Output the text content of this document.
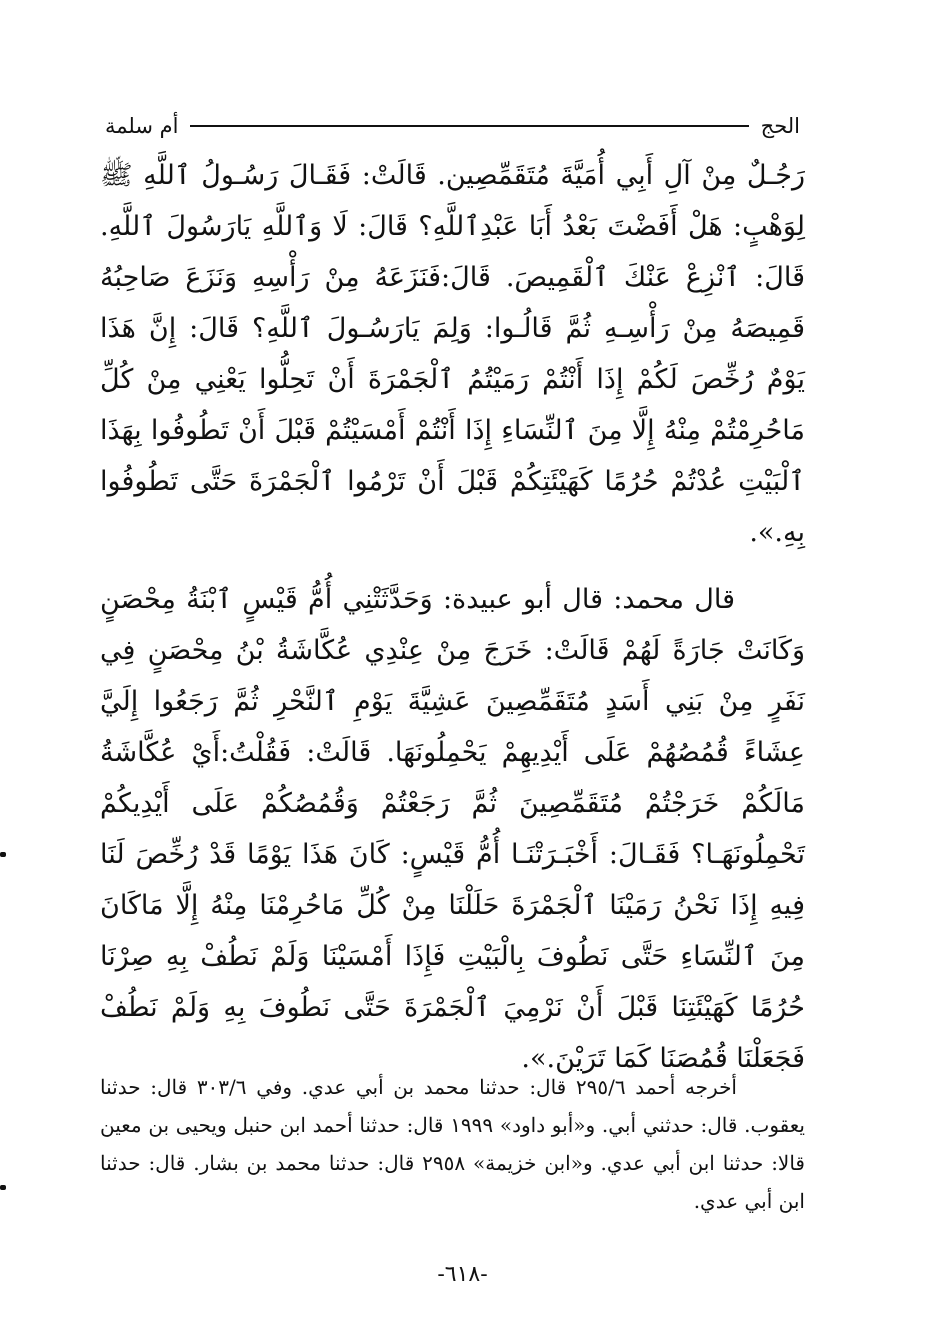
الحج
أم سلمة

رَجُـلٌ مِنْ آلِ أَبِي أُمَيَّةَ مُتَقَمِّصِين. قَالَتْ: فَقَـالَ رَسُـولُ ٱللَّهِ ﷺ لِوَهْبٍ: هَلْ أَفَضْتَ بَعْدُ أَبَا عَبْدِٱللَّهِ؟ قَالَ: لَا وَٱللَّهِ يَارَسُولَ ٱللَّهِ. قَالَ: ٱنْزِعْ عَنْكَ ٱلْقَمِيصَ. قَالَ:فَنَزَعَهُ مِنْ رَأْسِهِ وَنَزَعَ صَاحِبُهُ قَمِيصَهُ مِنْ رَأْسِـهِ ثُمَّ قَالُـوا: وَلِمَ يَارَسُـولَ ٱللَّهِ؟ قَالَ: إِنَّ هَذَا يَوْمٌ رُخِّصَ لَكُمْ إِذَا أَنْتُمْ رَمَيْتُمُ ٱلْجَمْرَةَ أَنْ تَحِلُّوا يَعْنِي مِنْ كُلِّ مَاحُرِمْتُمْ مِنْهُ إِلَّا مِنَ ٱلنِّسَاءِ إِذَا أَنْتُمْ أَمْسَيْتُمْ قَبْلَ أَنْ تَطُوفُوا بِهَذَا ٱلْبَيْتِ عُدْتُمْ حُرُمًا كَهَيْئَتِكُمْ قَبْلَ أَنْ تَرْمُوا ٱلْجَمْرَةَ حَتَّى تَطُوفُوا بِهِ.».

قال محمد: قال أبو عبيدة: وَحَدَّثَتْنِي أُمُّ قَيْسٍ ٱبْنَةُ مِحْصَنٍ وَكَانَتْ جَارَةً لَهُمْ قَالَتْ: خَرَجَ مِنْ عِنْدِي عُكَّاشَةُ بْنُ مِحْصَنٍ فِي نَفَرٍ مِنْ بَنِي أَسَدٍ مُتَقَمِّصِينَ عَشِيَّةَ يَوْمِ ٱلنَّحْرِ ثُمَّ رَجَعُوا إِلَيَّ عِشَاءً قُمُصُهُمْ عَلَى أَيْدِيهِمْ يَحْمِلُونَهَا. قَالَتْ: فَقُلْتُ:أَيْ عُكَّاشَةُ مَالَكُمْ خَرَجْتُمْ مُتَقَمِّصِينَ ثُمَّ رَجَعْتُمْ وَقُمُصُكُمْ عَلَى أَيْدِيكُمْ تَحْمِلُونَهَـا؟ فَقَـالَ: أَخْبَـرَتْنَـا أُمُّ قَيْسٍ: كَانَ هَذَا يَوْمًا قَدْ رُخِّصَ لَنَا فِيهِ إِذَا نَحْنُ رَمَيْنَا ٱلْجَمْرَةَ حَلَلْنَا مِنْ كُلِّ مَاحُرِمْنَا مِنْهُ إِلَّا مَاكَانَ مِنَ ٱلنِّسَاءِ حَتَّى نَطُوفَ بِالْبَيْتِ فَإِذَا أَمْسَيْنَا وَلَمْ نَطُفْ بِهِ صِرْنَا حُرُمًا كَهَيْئَتِنَا قَبْلَ أَنْ نَرْمِيَ ٱلْجَمْرَةَ حَتَّى نَطُوفَ بِهِ وَلَمْ نَطُفْ فَجَعَلْنَا قُمُصَنَا كَمَا تَرَيْنَ.».

أخرجه أحمد ٢٩٥/٦ قال: حدثنا محمد بن أبي عدي. وفي ٣٠٣/٦ قال: حدثنا يعقوب. قال: حدثني أبي. و«أبو داود» ١٩٩٩ قال: حدثنا أحمد ابن حنبل ويحيى بن معين قالا: حدثنا ابن أبي عدي. و«ابن خزيمة» ٢٩٥٨ قال: حدثنا محمد بن بشار. قال: حدثنا ابن أبي عدي.

-٦١٨-
